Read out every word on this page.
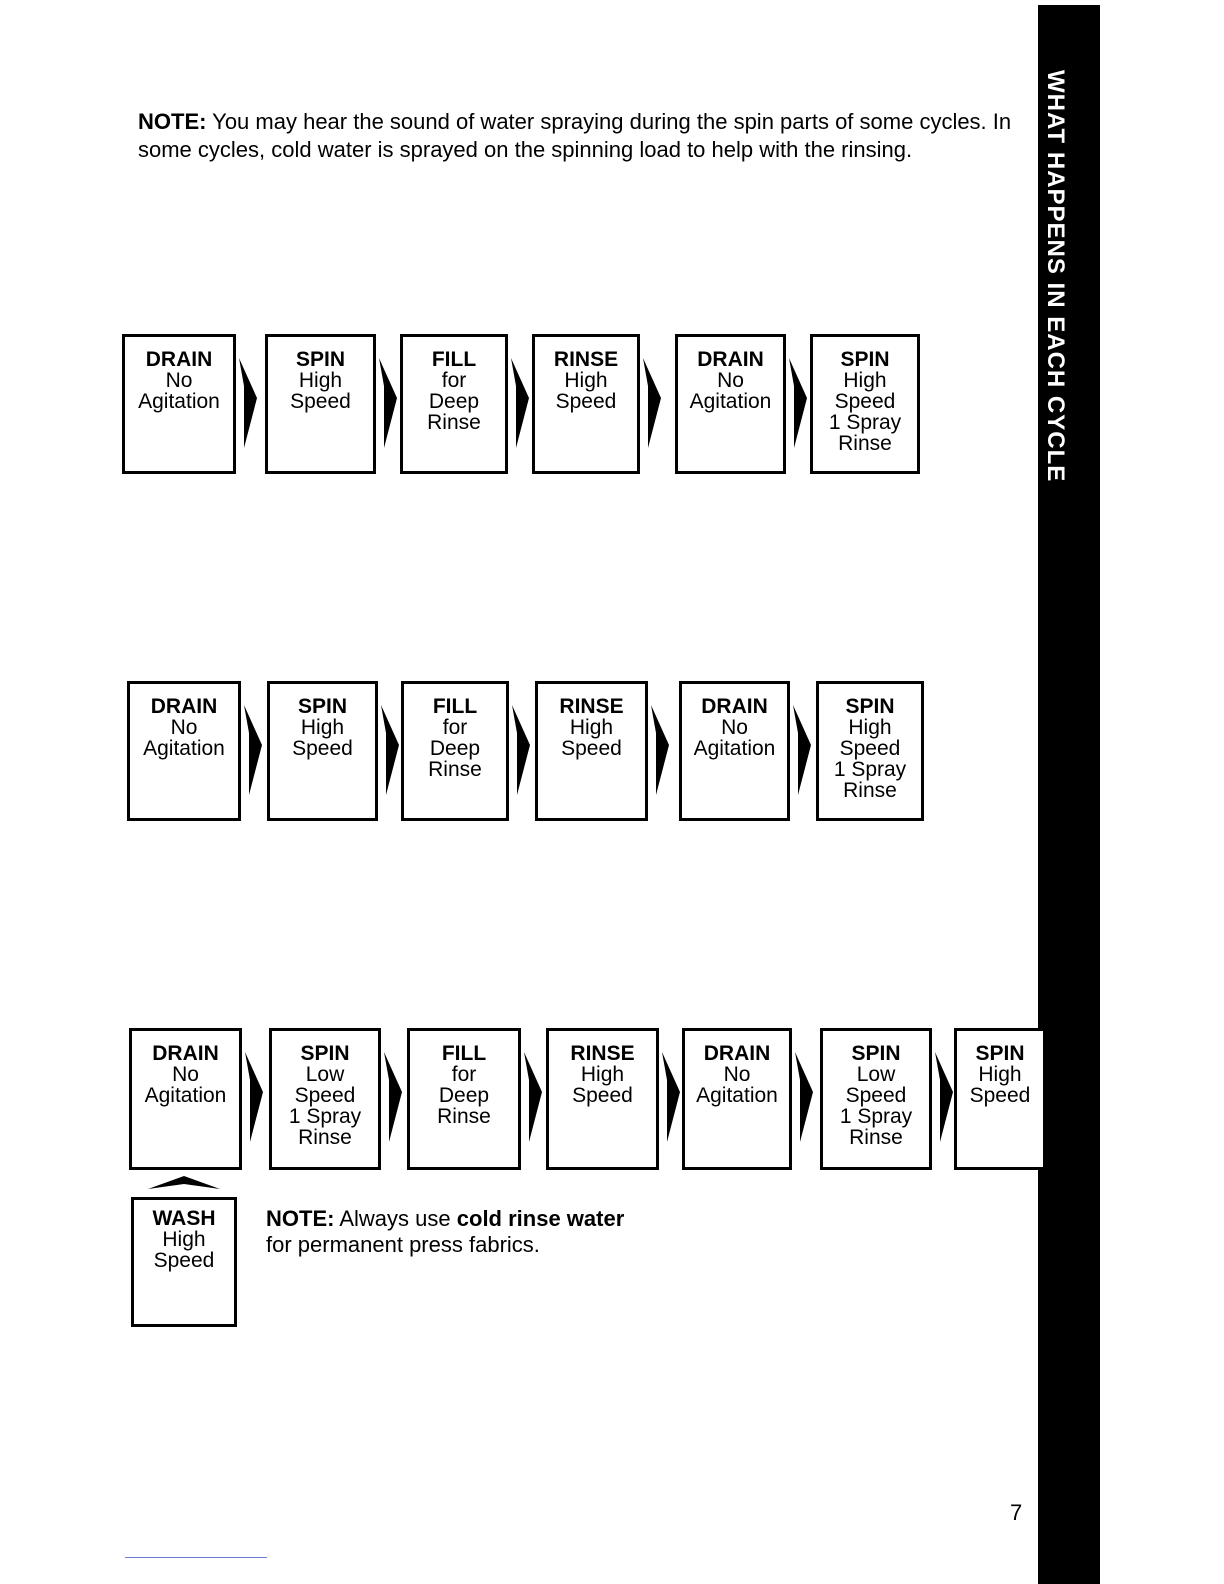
WHAT HAPPENS IN EACH CYCLE
NOTE: You may hear the sound of water spraying during the spin parts of some cycles. In some cycles, cold water is sprayed on the spinning load to help with the rinsing.
DRAIN
No
Agitation
SPIN
High
Speed
FILL
for
Deep
Rinse
RINSE
High
Speed
DRAIN
No
Agitation
SPIN
High
Speed
1 Spray
Rinse
DRAIN
No
Agitation
SPIN
High
Speed
FILL
for
Deep
Rinse
RINSE
High
Speed
DRAIN
No
Agitation
SPIN
High
Speed
1 Spray
Rinse
DRAIN
No
Agitation
SPIN
Low
Speed
1 Spray
Rinse
FILL
for
Deep
Rinse
RINSE
High
Speed
DRAIN
No
Agitation
SPIN
Low
Speed
1 Spray
Rinse
SPIN
High
Speed
WASH
High
Speed
NOTE: Always use cold rinse water
for permanent press fabrics.
7
